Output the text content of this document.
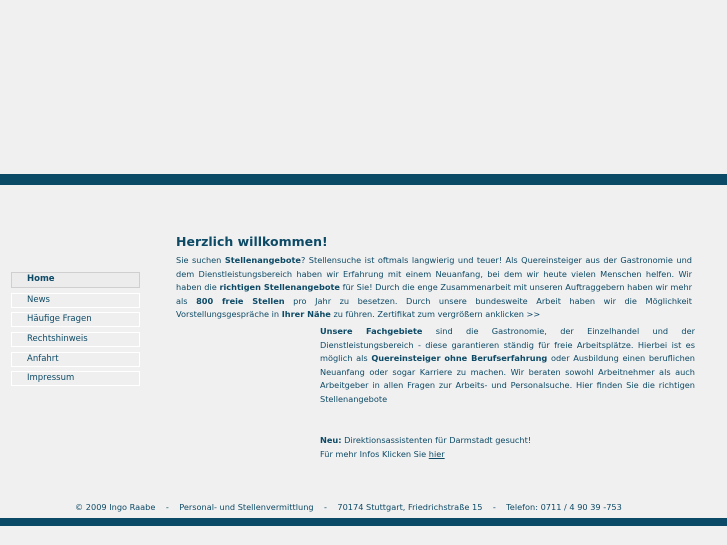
Home
News
Häufige Fragen
Rechtshinweis
Anfahrt
Impressum
Herzlich willkommen!
Sie suchen Stellenangebote? Stellensuche ist oftmals langwierig und teuer! Als Quereinsteiger aus der Gastronomie und dem Dienstleistungsbereich haben wir Erfahrung mit einem Neuanfang, bei dem wir heute vielen Menschen helfen. Wir haben die richtigen Stellenangebote für Sie! Durch die enge Zusammenarbeit mit unseren Auftraggebern haben wir mehr als 800 freie Stellen pro Jahr zu besetzen. Durch unsere bundesweite Arbeit haben wir die Möglichkeit Vorstellungsgespräche in Ihrer Nähe zu führen. Zertifikat zum vergrößern anklicken >>
Unsere Fachgebiete sind die Gastronomie, der Einzelhandel und der Dienstleistungsbereich - diese garantieren ständig für freie Arbeitsplätze. Hierbei ist es möglich als Quereinsteiger ohne Berufserfahrung oder Ausbildung einen beruflichen Neuanfang oder sogar Karriere zu machen. Wir beraten sowohl Arbeitnehmer als auch Arbeitgeber in allen Fragen zur Arbeits- und Personalsuche. Hier finden Sie die richtigen Stellenangebote
Neu: Direktionsassistenten für Darmstadt gesucht!
Für mehr Infos Klicken Sie hier
© 2009 Ingo Raabe    -    Personal- und Stellenvermittlung    -    70174 Stuttgart, Friedrichstraße 15    -    Telefon: 0711 / 4 90 39 -753
